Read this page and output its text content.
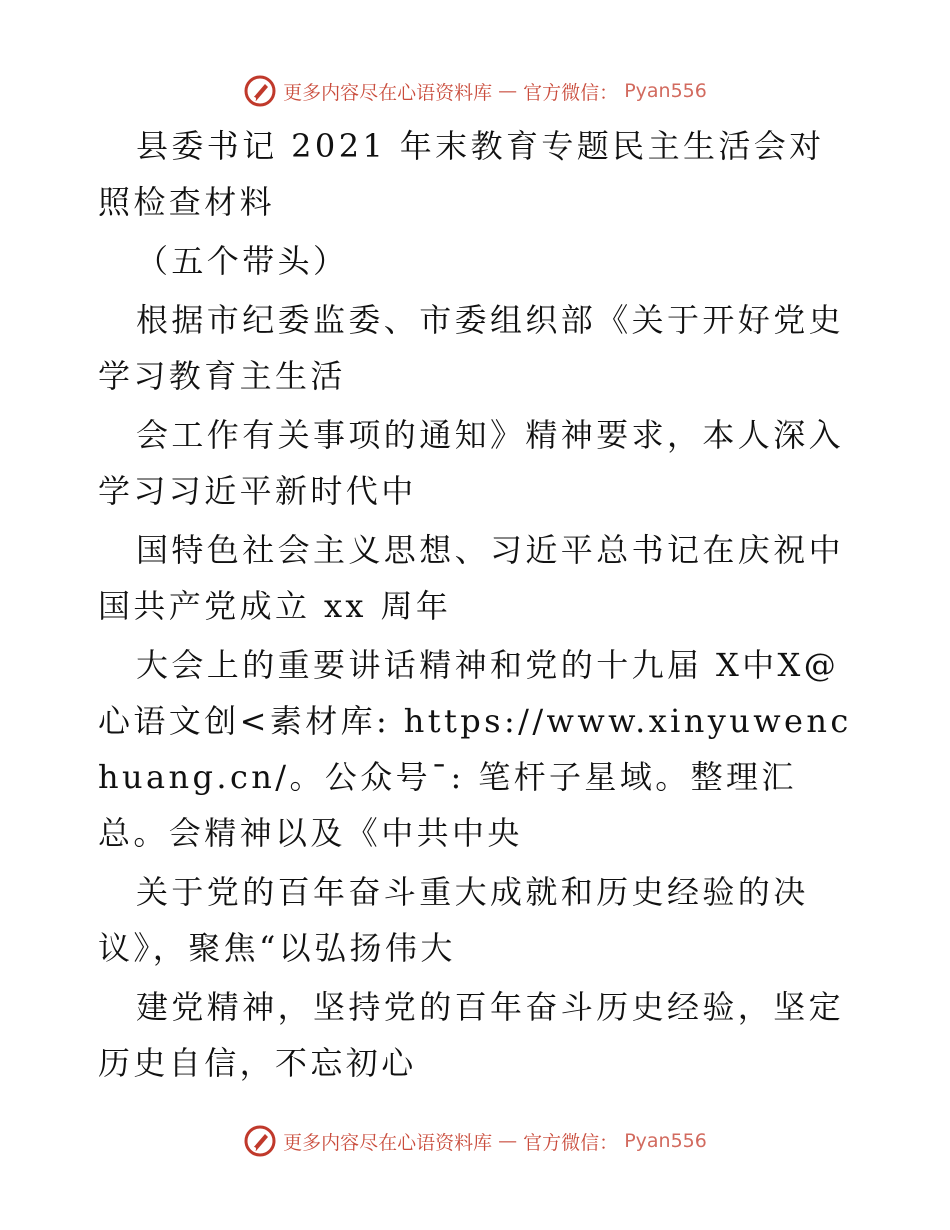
更多内容尽在心语资料库 — 官方微信： Pyan556

县委书记 2021 年末教育专题民主生活会对照检查材料

（五个带头）

根据市纪委监委、市委组织部《关于开好党史学习教育主生活

会工作有关事项的通知》精神要求，本人深入学习习近平新时代中

国特色社会主义思想、习近平总书记在庆祝中国共产党成立 xx 周年

大会上的重要讲话精神和党的十九届 X中X@心语文创<素材库: https://www.xinyuwenchuang.cn/。公众号¯: 笔杆子星域。整理汇总。会精神以及《中共中央

关于党的百年奋斗重大成就和历史经验的决议》，聚焦“以弘扬伟大

建党精神，坚持党的百年奋斗历史经验，坚定历史自信，不忘初心

更多内容尽在心语资料库 — 官方微信： Pyan556
